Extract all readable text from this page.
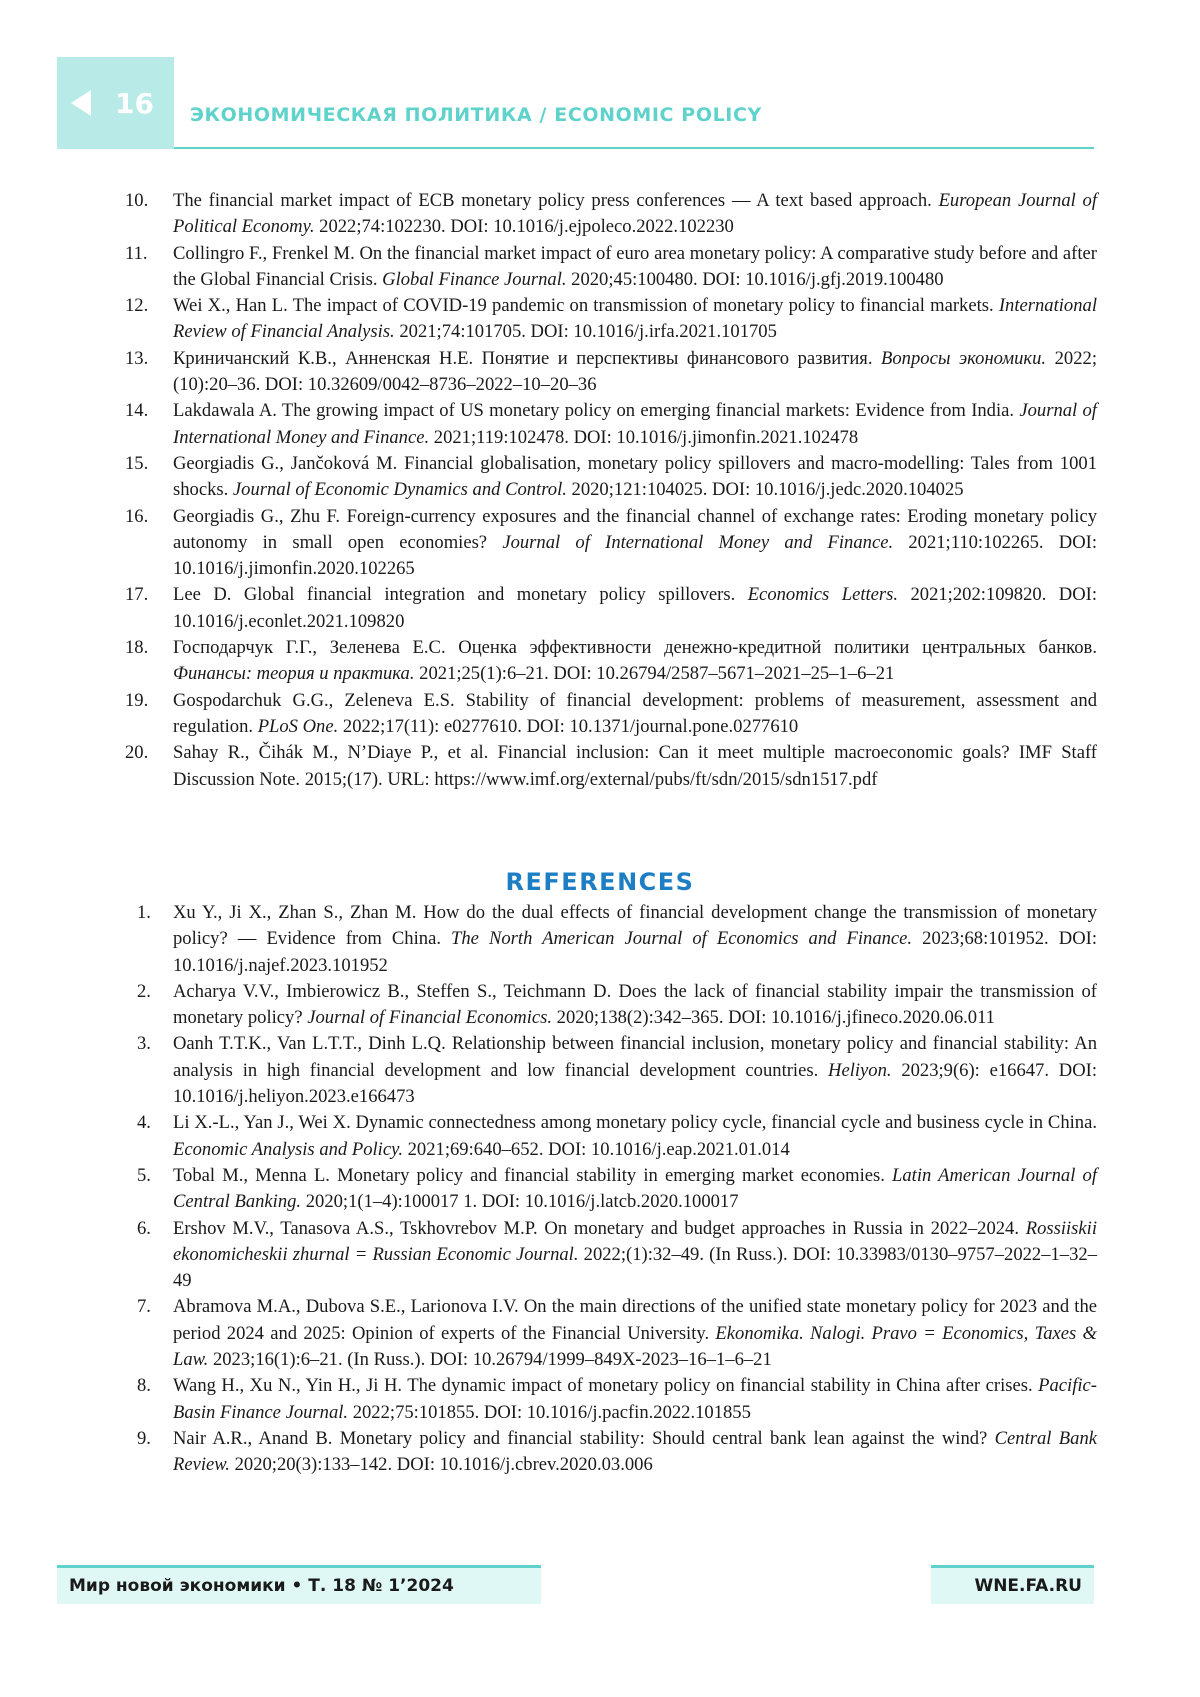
16 ЭКОНОМИЧЕСКАЯ ПОЛИТИКА / ECONOMIC POLICY
10. The financial market impact of ECB monetary policy press conferences — A text based approach. European Journal of Political Economy. 2022;74:102230. DOI: 10.1016/j.ejpoleco.2022.102230
11. Collingro F., Frenkel M. On the financial market impact of euro area monetary policy: A comparative study before and after the Global Financial Crisis. Global Finance Journal. 2020;45:100480. DOI: 10.1016/j.gfj.2019.100480
12. Wei X., Han L. The impact of COVID-19 pandemic on transmission of monetary policy to financial markets. International Review of Financial Analysis. 2021;74:101705. DOI: 10.1016/j.irfa.2021.101705
13. Криничанский К.В., Анненская Н.Е. Понятие и перспективы финансового развития. Вопросы экономики. 2022;(10):20–36. DOI: 10.32609/0042–8736–2022–10–20–36
14. Lakdawala A. The growing impact of US monetary policy on emerging financial markets: Evidence from India. Journal of International Money and Finance. 2021;119:102478. DOI: 10.1016/j.jimonfin.2021.102478
15. Georgiadis G., Jančoková M. Financial globalisation, monetary policy spillovers and macro-modelling: Tales from 1001 shocks. Journal of Economic Dynamics and Control. 2020;121:104025. DOI: 10.1016/j.jedc.2020.104025
16. Georgiadis G., Zhu F. Foreign-currency exposures and the financial channel of exchange rates: Eroding monetary policy autonomy in small open economies? Journal of International Money and Finance. 2021;110:102265. DOI: 10.1016/j.jimonfin.2020.102265
17. Lee D. Global financial integration and monetary policy spillovers. Economics Letters. 2021;202:109820. DOI: 10.1016/j.econlet.2021.109820
18. Господарчук Г.Г., Зеленева Е.С. Оценка эффективности денежно-кредитной политики центральных банков. Финансы: теория и практика. 2021;25(1):6–21. DOI: 10.26794/2587–5671–2021–25–1–6–21
19. Gospodarchuk G.G., Zeleneva E.S. Stability of financial development: problems of measurement, assessment and regulation. PLoS One. 2022;17(11): e0277610. DOI: 10.1371/journal.pone.0277610
20. Sahay R., Čihák M., N’Diaye P., et al. Financial inclusion: Can it meet multiple macroeconomic goals? IMF Staff Discussion Note. 2015;(17). URL: https://www.imf.org/external/pubs/ft/sdn/2015/sdn1517.pdf
REFERENCES
1. Xu Y., Ji X., Zhan S., Zhan M. How do the dual effects of financial development change the transmission of monetary policy? — Evidence from China. The North American Journal of Economics and Finance. 2023;68:101952. DOI: 10.1016/j.najef.2023.101952
2. Acharya V.V., Imbierowicz B., Steffen S., Teichmann D. Does the lack of financial stability impair the transmission of monetary policy? Journal of Financial Economics. 2020;138(2):342–365. DOI: 10.1016/j.jfineco.2020.06.011
3. Oanh T.T.K., Van L.T.T., Dinh L.Q. Relationship between financial inclusion, monetary policy and financial stability: An analysis in high financial development and low financial development countries. Heliyon. 2023;9(6): e16647. DOI: 10.1016/j.heliyon.2023.e166473
4. Li X.-L., Yan J., Wei X. Dynamic connectedness among monetary policy cycle, financial cycle and business cycle in China. Economic Analysis and Policy. 2021;69:640–652. DOI: 10.1016/j.eap.2021.01.014
5. Tobal M., Menna L. Monetary policy and financial stability in emerging market economies. Latin American Journal of Central Banking. 2020;1(1–4):100017 1. DOI: 10.1016/j.latcb.2020.100017
6. Ershov M.V., Tanasova A.S., Tskhovrebov M.P. On monetary and budget approaches in Russia in 2022–2024. Rossiiskii ekonomicheskii zhurnal = Russian Economic Journal. 2022;(1):32–49. (In Russ.). DOI: 10.33983/0130–9757–2022–1–32–49
7. Abramova M.A., Dubova S.E., Larionova I.V. On the main directions of the unified state monetary policy for 2023 and the period 2024 and 2025: Opinion of experts of the Financial University. Ekonomika. Nalogi. Pravo = Economics, Taxes & Law. 2023;16(1):6–21. (In Russ.). DOI: 10.26794/1999–849X-2023–16–1–6–21
8. Wang H., Xu N., Yin H., Ji H. The dynamic impact of monetary policy on financial stability in China after crises. Pacific-Basin Finance Journal. 2022;75:101855. DOI: 10.1016/j.pacfin.2022.101855
9. Nair A.R., Anand B. Monetary policy and financial stability: Should central bank lean against the wind? Central Bank Review. 2020;20(3):133–142. DOI: 10.1016/j.cbrev.2020.03.006
Мир новой экономики • Т. 18 № 1’2024	WNE.FA.RU
